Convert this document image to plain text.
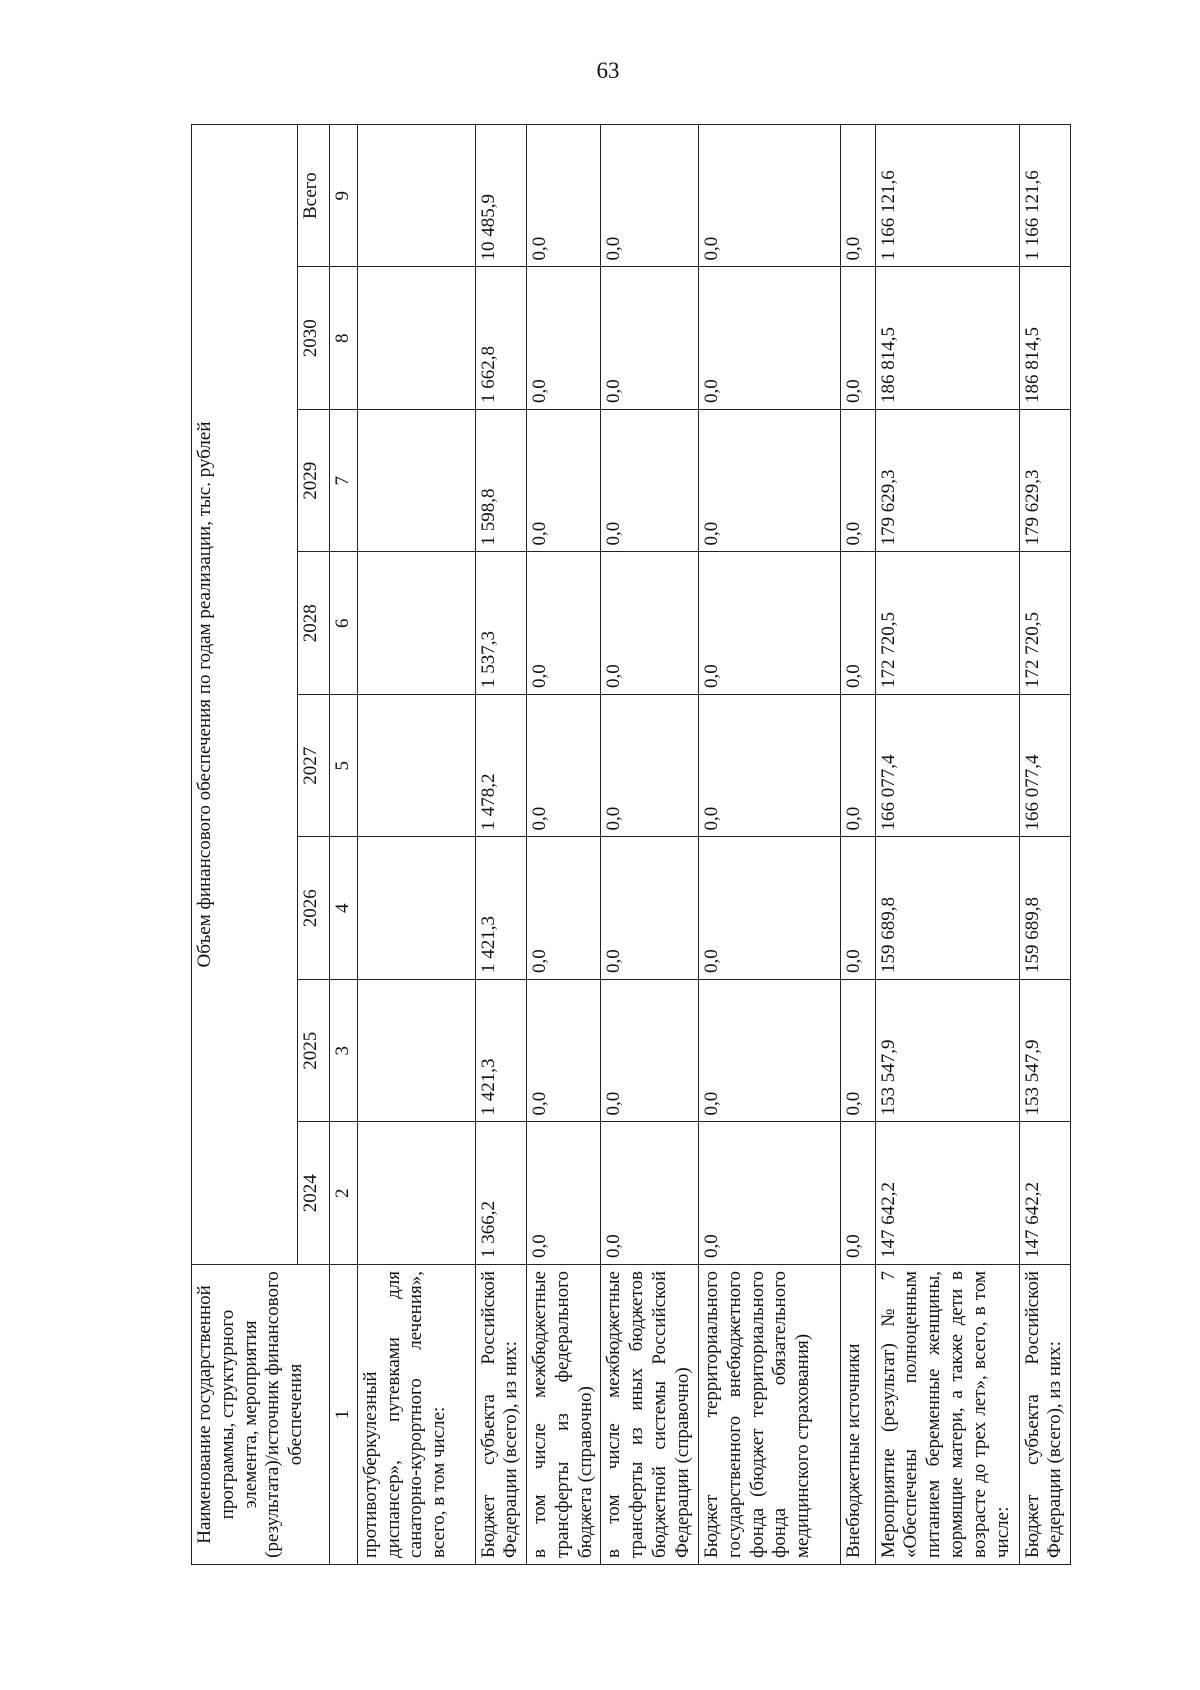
63
Наименование государственной программы, структурного элемента, мероприятия (результата)/источник финансового обеспечения	Объем финансового обеспечения по годам реализации, тыс. рублей							
	2024	2025	2026	2027	2028	2029	2030	Всего
1	2	3	4	5	6	7	8	9
противотуберкулезный диспансер», путевками для санаторно-курортного лечения», всего, в том числе:								
Бюджет субъекта Российской Федерации (всего), из них:	1 366,2	1 421,3	1 421,3	1 478,2	1 537,3	1 598,8	1 662,8	10 485,9
в том числе межбюджетные трансферты из федерального бюджета (справочно)	0,0	0,0	0,0	0,0	0,0	0,0	0,0	0,0
в том числе межбюджетные трансферты из иных бюджетов бюджетной системы Российской Федерации (справочно)	0,0	0,0	0,0	0,0	0,0	0,0	0,0	0,0
Бюджет территориального государственного внебюджетного фонда (бюджет территориального фонда обязательного медицинского страхования)	0,0	0,0	0,0	0,0	0,0	0,0	0,0	0,0
Внебюджетные источники	0,0	0,0	0,0	0,0	0,0	0,0	0,0	0,0
Мероприятие (результат) № 7 «Обеспечены полноценным питанием беременные женщины, кормящие матери, а также дети в возрасте до трех лет», всего, в том числе:	147 642,2	153 547,9	159 689,8	166 077,4	172 720,5	179 629,3	186 814,5	1 166 121,6
Бюджет субъекта Российской Федерации (всего), из них:	147 642,2	153 547,9	159 689,8	166 077,4	172 720,5	179 629,3	186 814,5	1 166 121,6
